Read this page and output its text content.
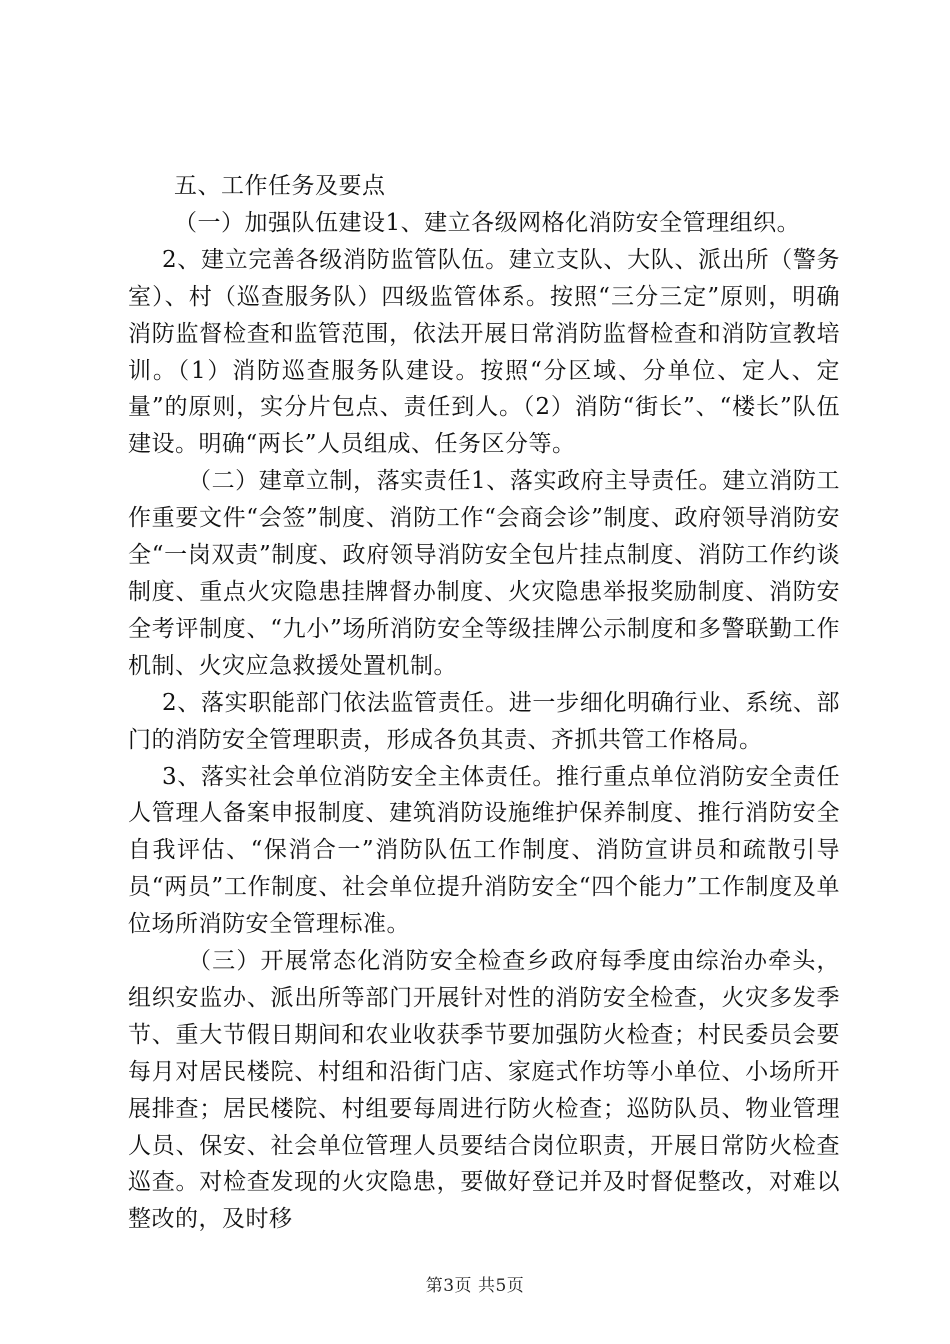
五、工作任务及要点

（一）加强队伍建设1、建立各级网格化消防安全管理组织。

2、建立完善各级消防监管队伍。建立支队、大队、派出所（警务室）、村（巡查服务队）四级监管体系。按照“三分三定”原则，明确消防监督检查和监管范围，依法开展日常消防监督检查和消防宣教培训。（1）消防巡查服务队建设。按照“分区域、分单位、定人、定量”的原则，实分片包点、责任到人。（2）消防“街长”、“楼长”队伍建设。明确“两长”人员组成、任务区分等。

（二）建章立制，落实责任1、落实政府主导责任。建立消防工作重要文件“会签”制度、消防工作“会商会诊”制度、政府领导消防安全“一岗双责”制度、政府领导消防安全包片挂点制度、消防工作约谈制度、重点火灾隐患挂牌督办制度、火灾隐患举报奖励制度、消防安全考评制度、“九小”场所消防安全等级挂牌公示制度和多警联勤工作机制、火灾应急救援处置机制。

2、落实职能部门依法监管责任。进一步细化明确行业、系统、部门的消防安全管理职责，形成各负其责、齐抓共管工作格局。

3、落实社会单位消防安全主体责任。推行重点单位消防安全责任人管理人备案申报制度、建筑消防设施维护保养制度、推行消防安全自我评估、“保消合一”消防队伍工作制度、消防宣讲员和疏散引导员“两员”工作制度、社会单位提升消防安全“四个能力”工作制度及单位场所消防安全管理标准。

（三）开展常态化消防安全检查乡政府每季度由综治办牵头，组织安监办、派出所等部门开展针对性的消防安全检查，火灾多发季节、重大节假日期间和农业收获季节要加强防火检查；村民委员会要每月对居民楼院、村组和沿街门店、家庭式作坊等小单位、小场所开展排查；居民楼院、村组要每周进行防火检查；巡防队员、物业管理人员、保安、社会单位管理人员要结合岗位职责，开展日常防火检查巡查。对检查发现的火灾隐患，要做好登记并及时督促整改，对难以整改的，及时移

第3页 共5页
